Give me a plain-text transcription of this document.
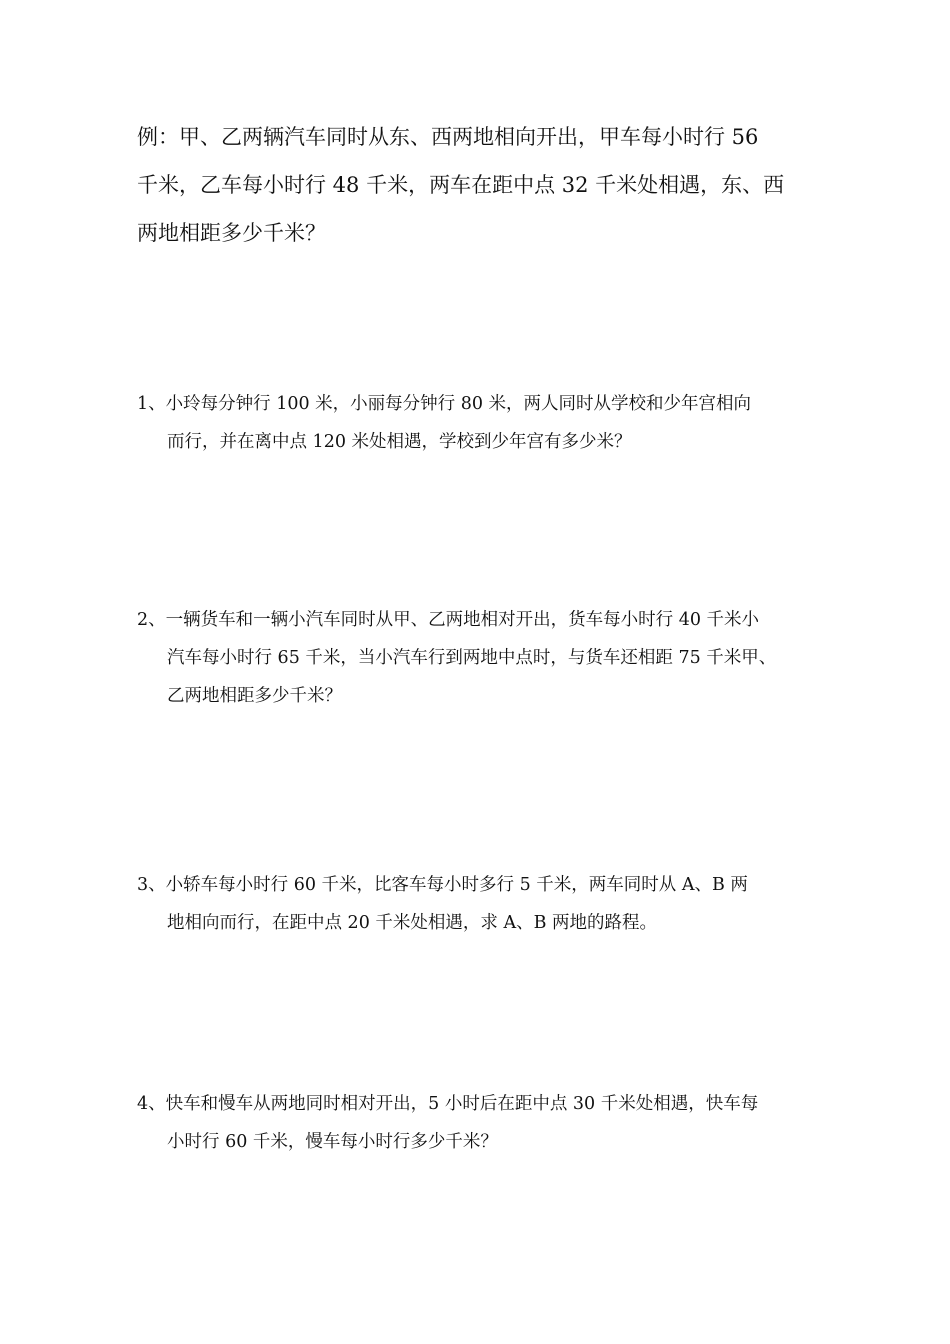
例：甲、乙两辆汽车同时从东、西两地相向开出，甲车每小时行 56
千米，乙车每小时行 48 千米，两车在距中点 32 千米处相遇，东、西
两地相距多少千米？
1、小玲每分钟行 100 米，小丽每分钟行 80 米，两人同时从学校和少年宫相向
而行，并在离中点 120 米处相遇，学校到少年宫有多少米？
2、一辆货车和一辆小汽车同时从甲、乙两地相对开出，货车每小时行 40 千米小
汽车每小时行 65 千米，当小汽车行到两地中点时，与货车还相距 75 千米甲、
乙两地相距多少千米？
3、小轿车每小时行 60 千米，比客车每小时多行 5 千米，两车同时从 A、B 两
地相向而行，在距中点 20 千米处相遇，求 A、B 两地的路程。
4、快车和慢车从两地同时相对开出，5 小时后在距中点 30 千米处相遇，快车每
小时行 60 千米，慢车每小时行多少千米？
